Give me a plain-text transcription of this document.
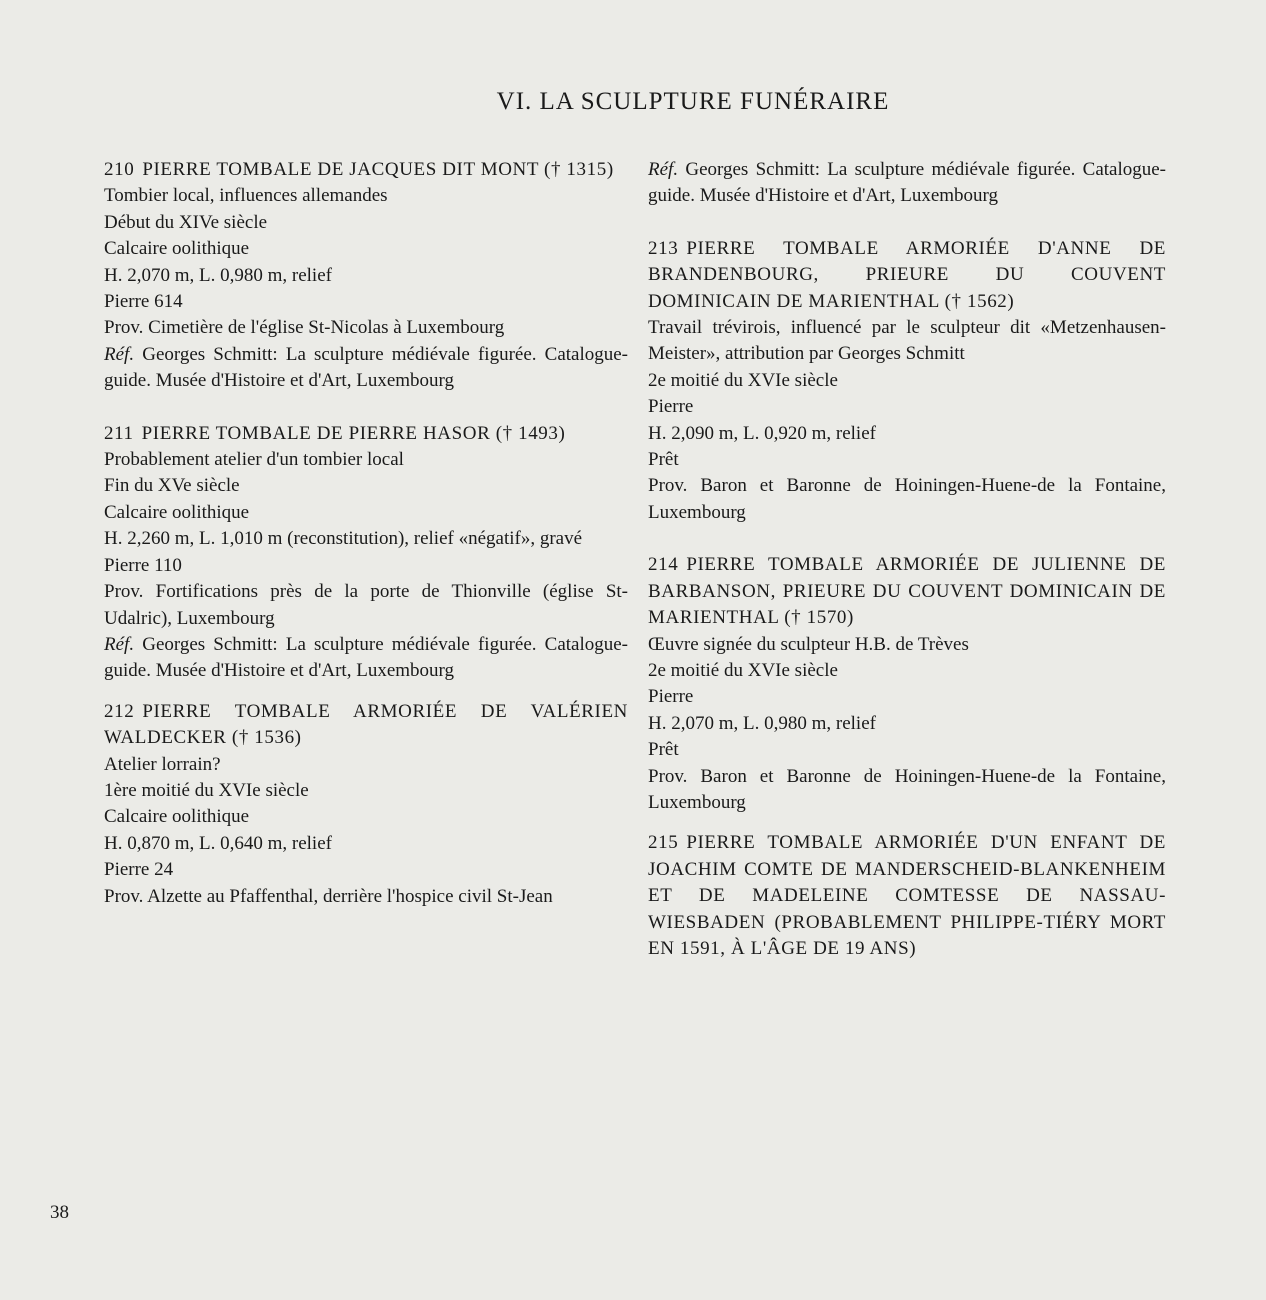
VI. LA SCULPTURE FUNÉRAIRE
210 PIERRE TOMBALE DE JACQUES DIT MONT († 1315)
Tombier local, influences allemandes
Début du XIVe siècle
Calcaire oolithique
H. 2,070 m, L. 0,980 m, relief
Pierre 614
Prov. Cimetière de l'église St-Nicolas à Luxembourg
Réf. Georges Schmitt: La sculpture médiévale figurée. Catalogue-guide. Musée d'Histoire et d'Art, Luxembourg
211 PIERRE TOMBALE DE PIERRE HASOR († 1493)
Probablement atelier d'un tombier local
Fin du XVe siècle
Calcaire oolithique
H. 2,260 m, L. 1,010 m (reconstitution), relief «négatif», gravé
Pierre 110
Prov. Fortifications près de la porte de Thionville (église St-Udalric), Luxembourg
Réf. Georges Schmitt: La sculpture médiévale figurée. Catalogue-guide. Musée d'Histoire et d'Art, Luxembourg
212 PIERRE TOMBALE ARMORIÉE DE VALÉRIEN WALDECKER († 1536)
Atelier lorrain?
1ère moitié du XVIe siècle
Calcaire oolithique
H. 0,870 m, L. 0,640 m, relief
Pierre 24
Prov. Alzette au Pfaffenthal, derrière l'hospice civil St-Jean
Réf. Georges Schmitt: La sculpture médiévale figurée. Catalogue-guide. Musée d'Histoire et d'Art, Luxembourg
213 PIERRE TOMBALE ARMORIÉE D'ANNE DE BRANDENBOURG, PRIEURE DU COUVENT DOMINICAIN DE MARIENTHAL († 1562)
Travail trévirois, influencé par le sculpteur dit «Metzenhausen-Meister», attribution par Georges Schmitt
2e moitié du XVIe siècle
Pierre
H. 2,090 m, L. 0,920 m, relief
Prêt
Prov. Baron et Baronne de Hoiningen-Huene-de la Fontaine, Luxembourg
214 PIERRE TOMBALE ARMORIÉE DE JULIENNE DE BARBANSON, PRIEURE DU COUVENT DOMINICAIN DE MARIENTHAL († 1570)
Œuvre signée du sculpteur H.B. de Trèves
2e moitié du XVIe siècle
Pierre
H. 2,070 m, L. 0,980 m, relief
Prêt
Prov. Baron et Baronne de Hoiningen-Huene-de la Fontaine, Luxembourg
215 PIERRE TOMBALE ARMORIÉE D'UN ENFANT DE JOACHIM COMTE DE MANDERSCHEID-BLANKENHEIM ET DE MADELEINE COMTESSE DE NASSAU-WIESBADEN (PROBABLEMENT PHILIPPE-TIÉRY MORT EN 1591, À L'ÂGE DE 19 ANS)
38
